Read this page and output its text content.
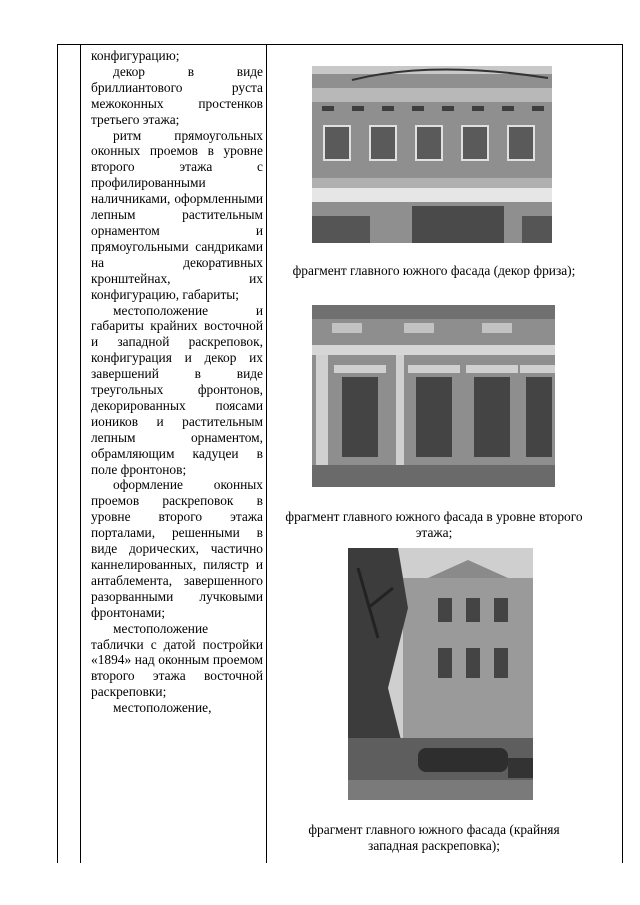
конфигурацию;

декор в виде бриллиантового руста межоконных простенков третьего этажа;

ритм прямоугольных оконных проемов в уровне второго этажа с профилированными наличниками, оформленными лепным растительным орнаментом и прямоугольными сандриками на декоративных кронштейнах, их конфигурацию, габариты;

местоположение и габариты крайних восточной и западной раскреповок, конфигурация и декор их завершений в виде треугольных фронтонов, декорированных поясами иоников и растительным лепным орнаментом, обрамляющим кадуцеи в поле фронтонов;

оформление оконных проемов раскреповок в уровне второго этажа порталами, решенными в виде дорических, частично каннелированных, пилястр и антаблемента, завершенного разорванными лучковыми фронтонами;

местоположение таблички с датой постройки «1894» над оконным проемом второго этажа восточной раскреповки;

местоположение,

фрагмент главного южного фасада (декор фриза);
фрагмент главного южного фасада в уровне второго этажа;
фрагмент главного южного фасада (крайняя западная раскреповка);
